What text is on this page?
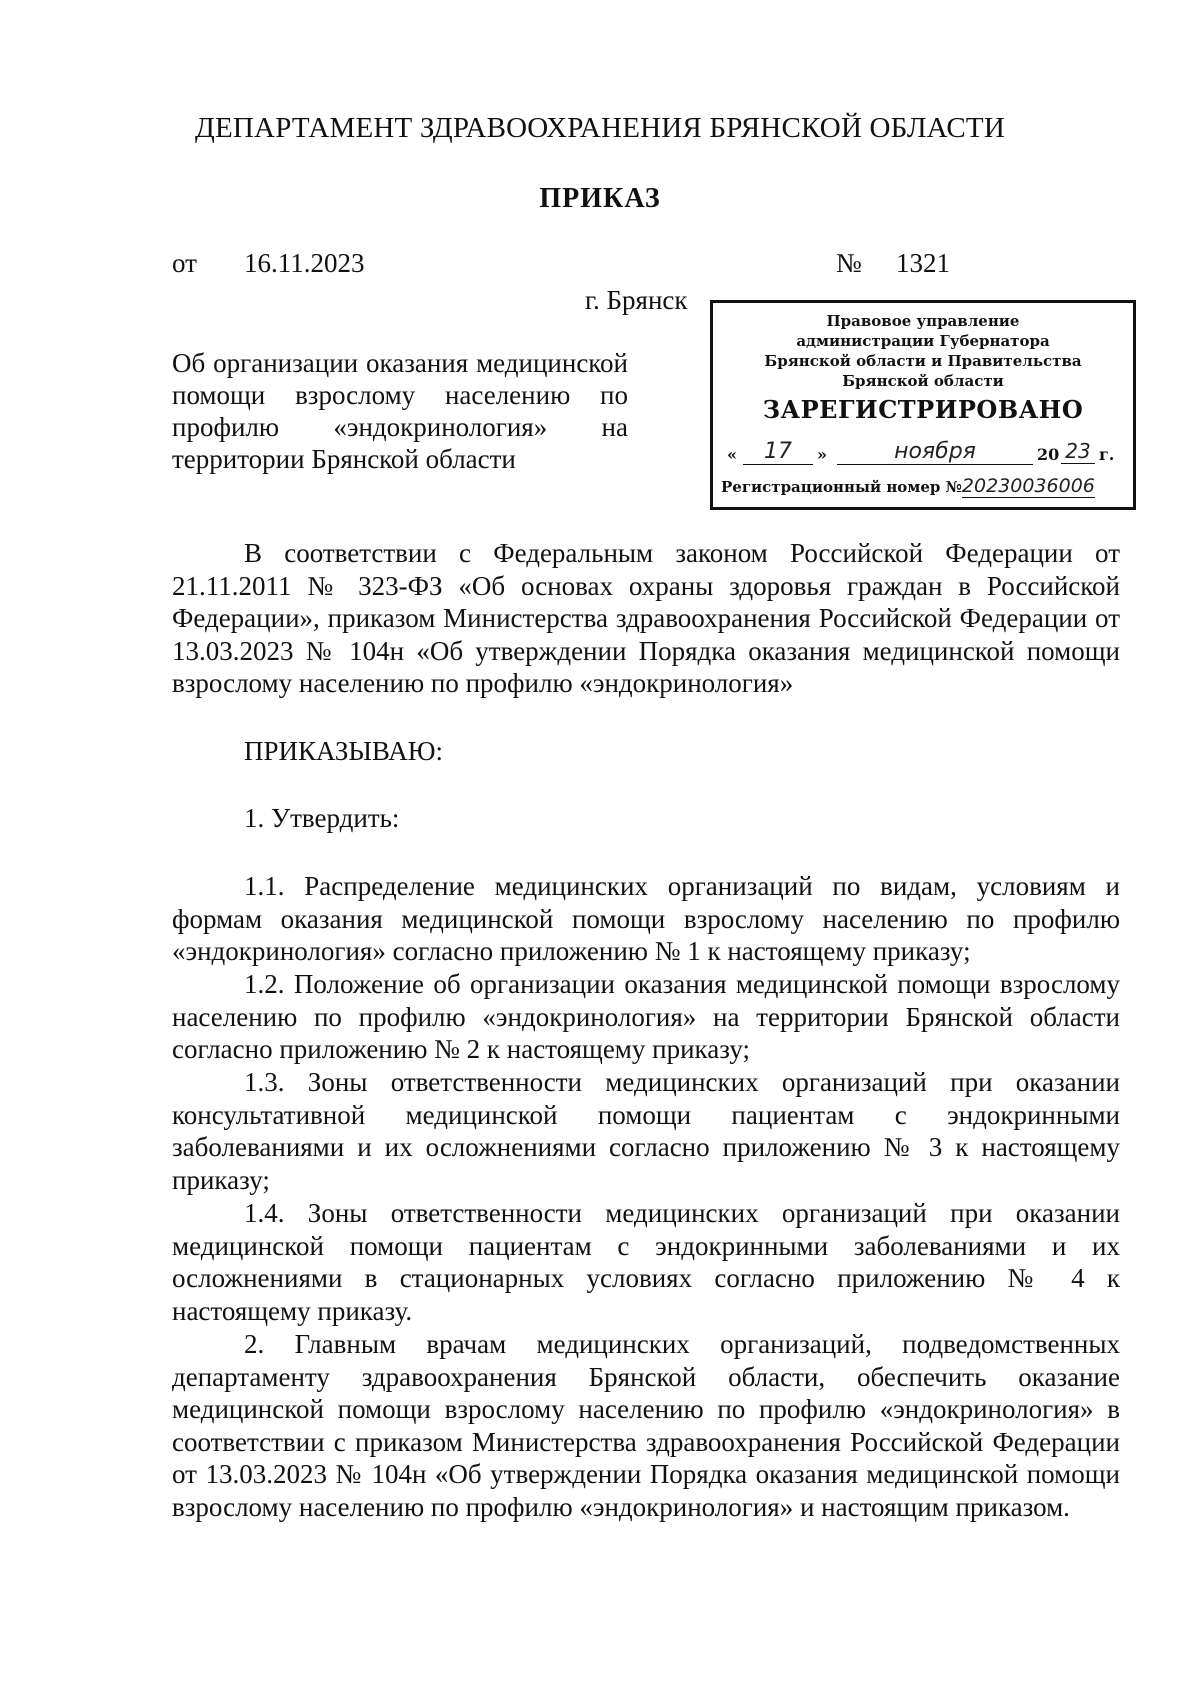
ДЕПАРТАМЕНТ ЗДРАВООХРАНЕНИЯ БРЯНСКОЙ ОБЛАСТИ
ПРИКАЗ
от 16.11.2023	№ 1321
г. Брянск
Об организации оказания медицинской помощи взрослому населению по профилю «эндокринология» на территории Брянской области
Правовое управление
администрации Губернатора
Брянской области и Правительства
Брянской области
ЗАРЕГИСТРИРОВАНО
«	17	»	ноября	20 23 г.
Регистрационный номер №20230036006
В соответствии с Федеральным законом Российской Федерации от 21.11.2011 № 323-ФЗ «Об основах охраны здоровья граждан в Российской Федерации», приказом Министерства здравоохранения Российской Федерации от 13.03.2023 № 104н «Об утверждении Порядка оказания медицинской помощи взрослому населению по профилю «эндокринология»
ПРИКАЗЫВАЮ:
1. Утвердить:
1.1. Распределение медицинских организаций по видам, условиям и формам оказания медицинской помощи взрослому населению по профилю «эндокринология» согласно приложению № 1 к настоящему приказу;
1.2. Положение об организации оказания медицинской помощи взрослому населению по профилю «эндокринология» на территории Брянской области согласно приложению № 2 к настоящему приказу;
1.3. Зоны ответственности медицинских организаций при оказании консультативной медицинской помощи пациентам с эндокринными заболеваниями и их осложнениями согласно приложению № 3 к настоящему приказу;
1.4. Зоны ответственности медицинских организаций при оказании медицинской помощи пациентам с эндокринными заболеваниями и их осложнениями в стационарных условиях согласно приложению № 4 к настоящему приказу.
2. Главным врачам медицинских организаций, подведомственных департаменту здравоохранения Брянской области, обеспечить оказание медицинской помощи взрослому населению по профилю «эндокринология» в соответствии с приказом Министерства здравоохранения Российской Федерации от 13.03.2023 № 104н «Об утверждении Порядка оказания медицинской помощи взрослому населению по профилю «эндокринология» и настоящим приказом.
